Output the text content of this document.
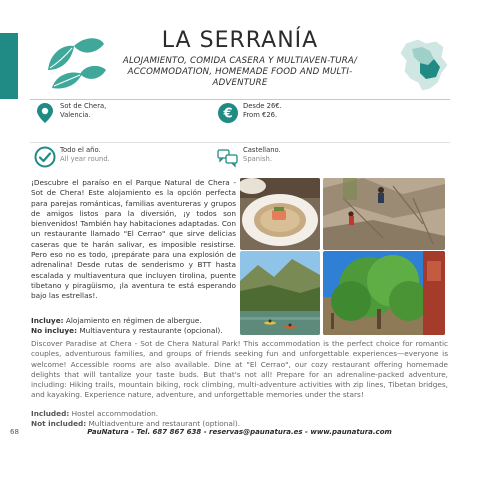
LA SERRANÍA
ALOJAMIENTO, COMIDA CASERA Y MULTIAVEN-TURA/ ACCOMMODATION, HOMEMADE FOOD AND MULTI-ADVENTURE
Sot de Chera,
Valencia.	€
Desde 26€.
From €26.
Todo el año.
All year round.
Castellano.
Spanish.
¡Descubre el paraíso en el Parque Natural de Chera - Sot de Chera! Este alojamiento es la opción perfecta para parejas románticas, familias aventureras y grupos de amigos listos para la diversión, ¡y todos son bienvenidos! También hay habitaciones adaptadas. Con un restaurante llamado "El Cerrao" que sirve delicias caseras que te harán salivar, es imposible resistirse. Pero eso no es todo, ¡prepárate para una explosión de adrenalina! Desde rutas de senderismo y BTT hasta escalada y multiaventura que incluyen tirolina, puente tibetano y piragüismo, ¡la aventura te está esperando bajo las estrellas!.
Incluye: Alojamiento en régimen de albergue.
No incluye: Multiaventura y restaurante (opcional).
Discover Paradise at Chera - Sot de Chera Natural Park! This accommodation is the perfect choice for romantic couples, adventurous families, and groups of friends seeking fun and unforgettable experiences—everyone is welcome! Accessible rooms are also available. Dine at "El Cerrao", our cozy restaurant offering homemade delights that will tantalize your taste buds. But that's not all! Prepare for an adrenaline-packed adventure, including: Hiking trails, mountain biking, rock climbing, multi-adventure activities with zip lines, Tibetan bridges, and kayaking. Experience nature, adventure, and unforgettable memories under the stars!
Included: Hostel accommodation.
Not included: Multiadventure and restaurant (optional).
68	PauNatura - Tel. 687 867 638 - reservas@paunatura.es - www.paunatura.com
